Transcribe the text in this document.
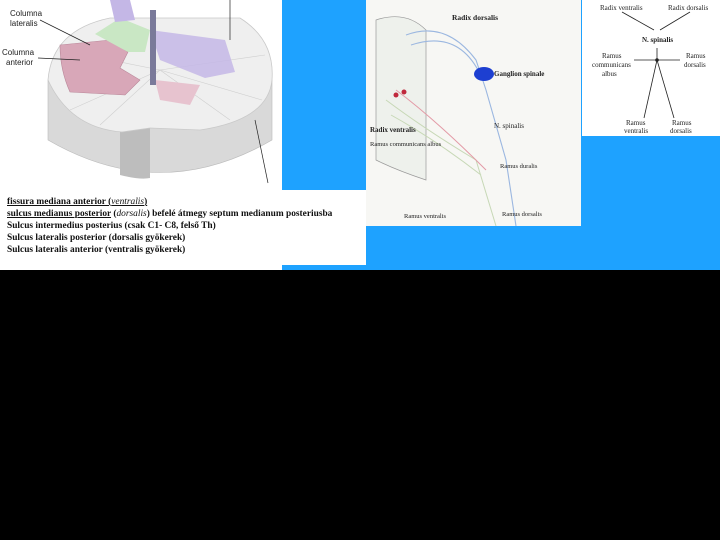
Columna
lateralis
Columna
anterior
Radix dorsalis
Ganglion spinale
N. spinalis
Radix ventralis
Ramus communicans albus
Ramus duralis
Ramus ventralis	Ramus dorsalis
Radix ventralis	Radix dorsalis
N. spinalis
Ramus
communicans
albus
Ramus
dorsalis
Ramus
ventralis
Ramus
dorsalis
fissura mediana anterior (ventralis)
sulcus medianus posterior (dorsalis) befelé átmegy septum medianum posteriusba
Sulcus intermedius posterius (csak C1- C8, felső Th)
Sulcus lateralis posterior (dorsalis gyökerek)
Sulcus lateralis anterior (ventralis gyökerek)
